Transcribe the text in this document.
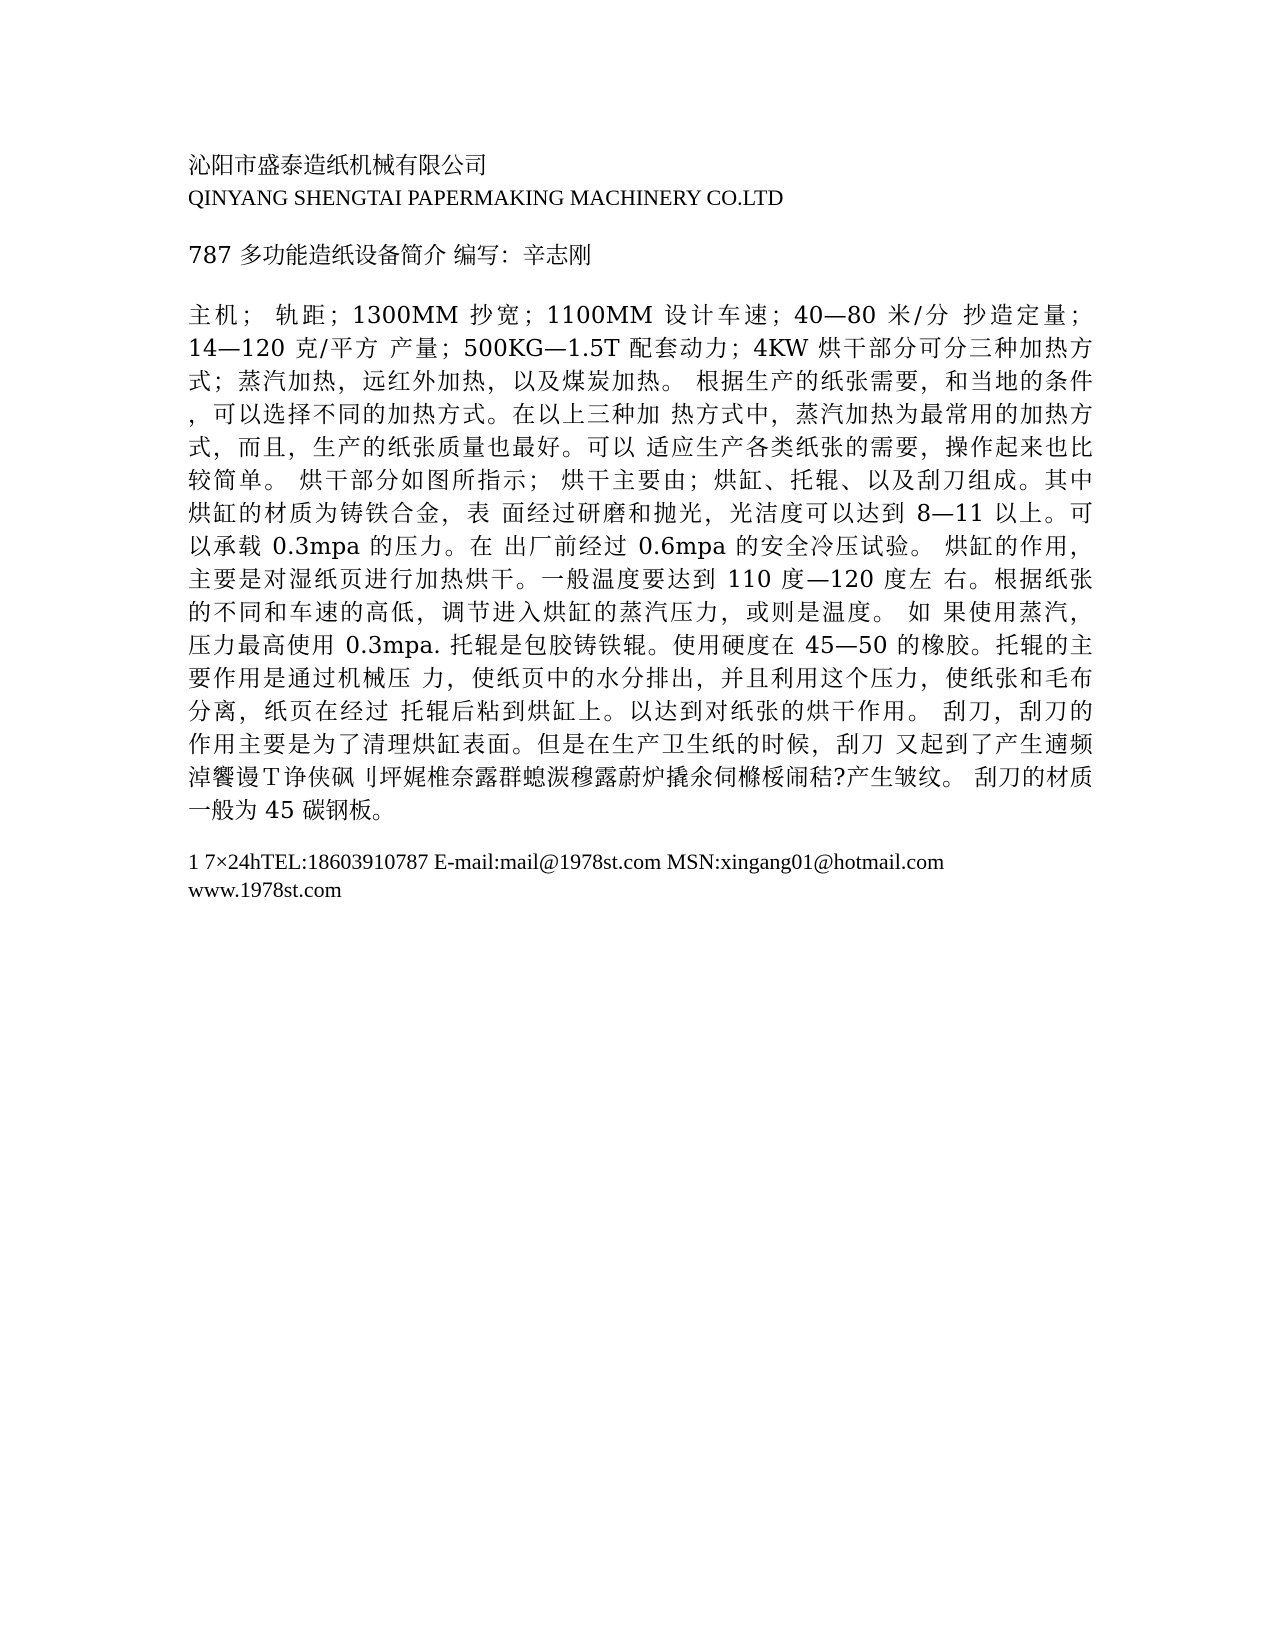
沁阳市盛泰造纸机械有限公司
QINYANG SHENGTAI PAPERMAKING MACHINERY CO.LTD
787 多功能造纸设备简介 编写：辛志刚
主机； 轨距；1300MM 抄宽；1100MM 设计车速；40—80 米/分 抄造定量；
14—120 克/平方 产量；500KG—1.5T 配套动力；4KW 烘干部分可分三种加热方
式；蒸汽加热，远红外加热，以及煤炭加热。 根据生产的纸张需要，和当地的条件
，可以选择不同的加热方式。在以上三种加 热方式中，蒸汽加热为最常用的加热方
式，而且，生产的纸张质量也最好。可以 适应生产各类纸张的需要，操作起来也比
较简单。 烘干部分如图所指示； 烘干主要由；烘缸、托辊、以及刮刀组成。其中
烘缸的材质为铸铁合金，表 面经过研磨和抛光，光洁度可以达到 8—11 以上。可
以承载 0.3mpa 的压力。在 出厂前经过 0.6mpa 的安全冷压试验。 烘缸的作用，
主要是对湿纸页进行加热烘干。一般温度要达到 110 度—120 度左 右。根据纸张
的不同和车速的高低，调节进入烘缸的蒸汽压力，或则是温度。 如 果使用蒸汽，
压力最高使用 0.3mpa. 托辊是包胶铸铁辊。使用硬度在 45—50 的橡胶。托辊的主
要作用是通过机械压 力，使纸页中的水分排出，并且利用这个压力，使纸张和毛布
分离，纸页在经过 托辊后粘到烘缸上。以达到对纸张的烘干作用。 刮刀，刮刀的
作用主要是为了清理烘缸表面。但是在生产卫生纸的时候，刮刀 又起到了产生遖频
淖饗谩Ｔ诤侠砜刂坪娓椎奈露群螅湠穆露蔚炉撬氽伺樤桵闹秸?产生皱纹。 刮刀的材质
一般为 45 碳钢板。
1 7×24hTEL:18603910787 E-mail:mail@1978st.com MSN:xingang01@hotmail.com
www.1978st.com
